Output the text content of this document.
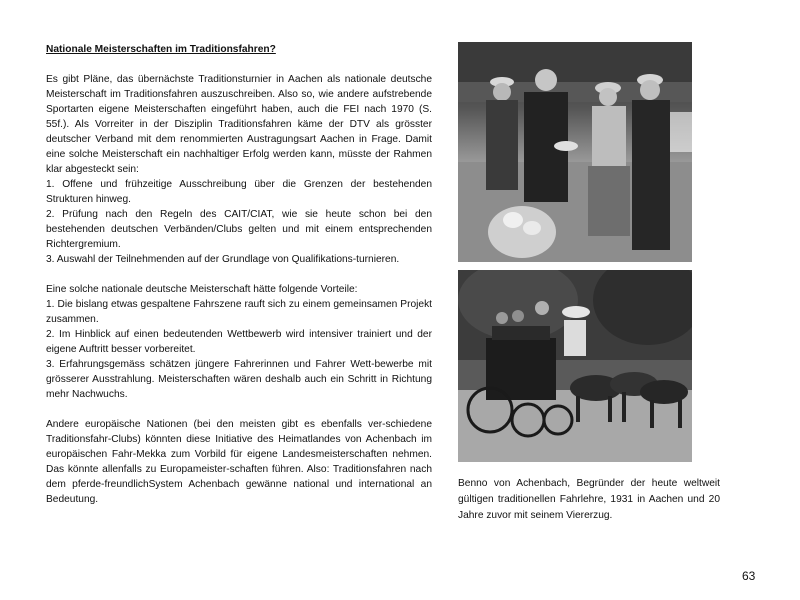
Nationale Meisterschaften im Traditionsfahren?
Es gibt Pläne, das übernächste Traditionsturnier in Aachen als nationale deutsche Meisterschaft im Traditionsfahren auszuschreiben. Also so, wie andere aufstrebende Sportarten eigene Meisterschaften eingeführt haben, auch die FEI nach 1970 (S. 55f.). Als Vorreiter in der Disziplin Traditionsfahren käme der DTV als grösster deutscher Verband mit dem renommierten Austragungsart Aachen in Frage. Damit eine solche Meisterschaft ein nachhaltiger Erfolg werden kann, müsste der Rahmen klar abgesteckt sein:
1. Offene und frühzeitige Ausschreibung über die Grenzen der bestehenden Strukturen hinweg.
2. Prüfung nach den Regeln des CAIT/CIAT, wie sie heute schon bei den bestehenden deutschen Verbänden/Clubs gelten und mit einem entsprechenden Richtergremium.
3. Auswahl der Teilnehmenden auf der Grundlage von Qualifikations-turnieren.
Eine solche nationale deutsche Meisterschaft hätte folgende Vorteile:
1. Die bislang etwas gespaltene Fahrszene rauft sich zu einem gemeinsamen Projekt zusammen.
2. Im Hinblick auf einen bedeutenden Wettbewerb wird intensiver trainiert und der eigene Auftritt besser vorbereitet.
3. Erfahrungsgemäss schätzen jüngere Fahrerinnen und Fahrer Wett-bewerbe mit grösserer Ausstrahlung. Meisterschaften wären deshalb auch ein Schritt in Richtung mehr Nachwuchs.
Andere europäische Nationen (bei den meisten gibt es ebenfalls ver-schiedene Traditionsfahr-Clubs) könnten diese Initiative des Heimatlandes von Achenbach im europäischen Fahr-Mekka zum Vorbild für eigene Landesmeisterschaften nehmen. Das könnte allenfalls zu Europameister-schaften führen. Also: Traditionsfahren nach dem pferde-freundlichSystem Achenbach gewänne national und international an Bedeutung.
Benno von Achenbach, Begründer der heute weltweit gültigen traditionellen Fahrlehre, 1931 in Aachen und 20 Jahre zuvor mit seinem Viererzug.
63
